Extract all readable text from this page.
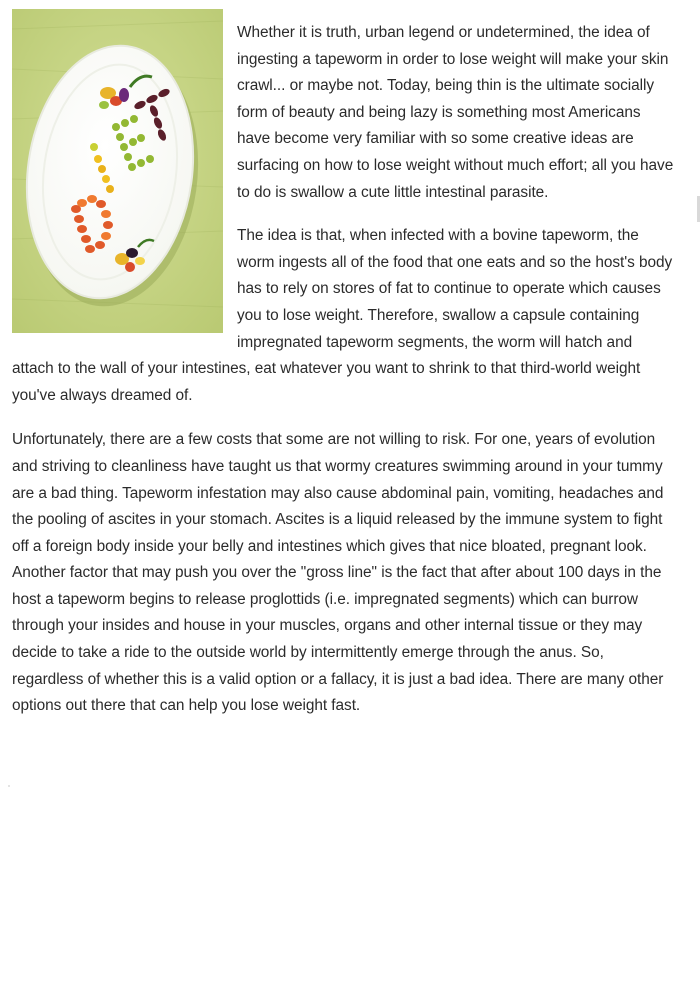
Whether it is truth, urban legend or undetermined, the idea of ingesting a tapeworm in order to lose weight will make your skin crawl... or maybe not. Today, being thin is the ultimate socially form of beauty and being lazy is something most Americans have become very familiar with so some creative ideas are surfacing on how to lose weight without much effort; all you have to do is swallow a cute little intestinal parasite.

The idea is that, when infected with a bovine tapeworm, the worm ingests all of the food that one eats and so the host's body has to rely on stores of fat to continue to operate which causes you to lose weight. Therefore, swallow a capsule containing impregnated tapeworm segments, the worm will hatch and attach to the wall of your intestines, eat whatever you want to shrink to that third-world weight you've always dreamed of.

Unfortunately, there are a few costs that some are not willing to risk. For one, years of evolution and striving to cleanliness have taught us that wormy creatures swimming around in your tummy are a bad thing. Tapeworm infestation may also cause abdominal pain, vomiting, headaches and the pooling of ascites in your stomach. Ascites is a liquid released by the immune system to fight off a foreign body inside your belly and intestines which gives that nice bloated, pregnant look. Another factor that may push you over the "gross line" is the fact that after about 100 days in the host a tapeworm begins to release proglottids (i.e. impregnated segments) which can burrow through your insides and house in your muscles, organs and other internal tissue or they may decide to take a ride to the outside world by intermittently emerge through the anus. So, regardless of whether this is a valid option or a fallacy, it is just a bad idea. There are many other options out there that can help you lose weight fast.
